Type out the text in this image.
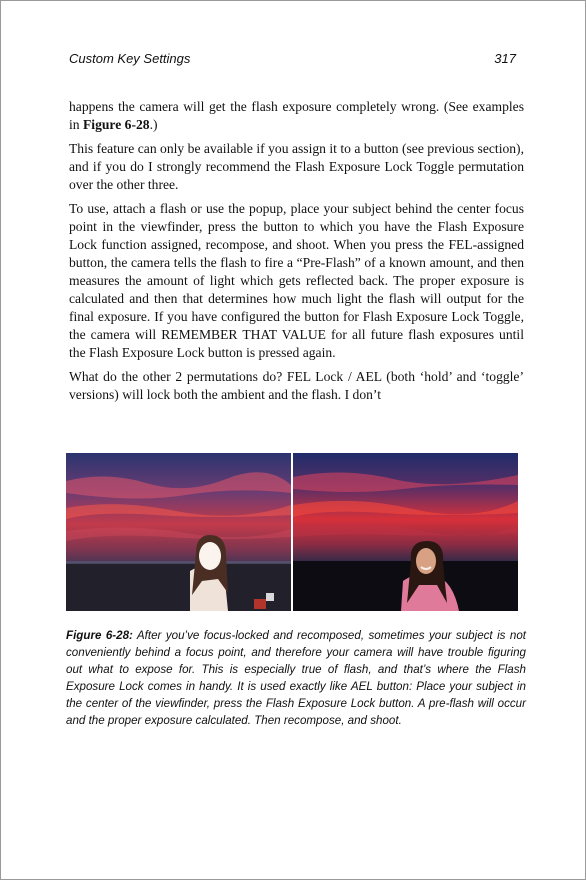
Custom Key Settings	317

happens the camera will get the flash exposure completely wrong. (See examples in Figure 6-28.)

This feature can only be available if you assign it to a button (see previous section), and if you do I strongly recommend the Flash Exposure Lock Toggle permutation over the other three.

To use, attach a flash or use the popup, place your subject behind the center focus point in the viewfinder, press the button to which you have the Flash Exposure Lock function assigned, recompose, and shoot. When you press the FEL-assigned button, the camera tells the flash to fire a “Pre-Flash” of a known amount, and then measures the amount of light which gets reflected back. The proper exposure is calculated and then that determines how much light the flash will output for the final exposure. If you have configured the button for Flash Exposure Lock Toggle, the camera will REMEMBER THAT VALUE for all future flash exposures until the Flash Exposure Lock button is pressed again.

What do the other 2 permutations do? FEL Lock / AEL (both ‘hold’ and ‘toggle’ versions) will lock both the ambient and the flash. I don’t

Figure 6-28: After you’ve focus-locked and recomposed, sometimes your subject is not conveniently behind a focus point, and therefore your camera will have trouble figuring out what to expose for. This is especially true of flash, and that’s where the Flash Exposure Lock comes in handy. It is used exactly like AEL button: Place your subject in the center of the viewfinder, press the Flash Exposure Lock button. A pre-flash will occur and the proper exposure calculated. Then recompose, and shoot.
